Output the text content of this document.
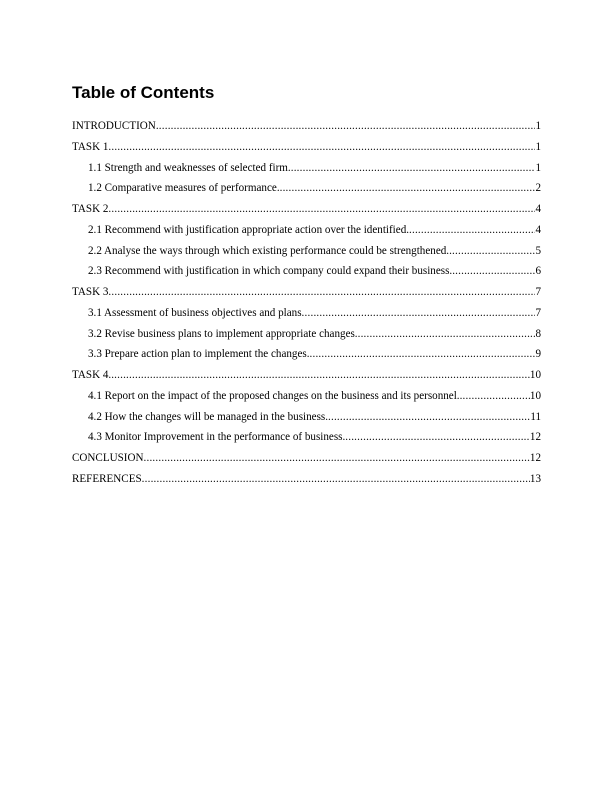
Table of Contents
INTRODUCTION .....	1
TASK 1 .....	1
1.1 Strength and weaknesses of selected firm. .....	1
1.2 Comparative measures of performance. .....	2
TASK 2 .....	4
2.1 Recommend with justification appropriate action over the identified. .....	4
2.2 Analyse the ways through which existing performance could be strengthened. .....	5
2.3 Recommend with justification in which company could expand their business. .....	6
TASK 3 .....	7
3.1 Assessment of business objectives and plans .....	7
3.2 Revise business plans to implement appropriate changes. .....	8
3.3 Prepare action plan to implement the changes. .....	9
TASK 4. .....	10
4.1 Report on the impact of the proposed changes on the business and its personnel. .....	10
4.2 How the changes will be managed in the business. .....	11
4.3 Monitor Improvement in the performance of business. .....	12
CONCLUSION .....	12
REFERENCES .....	13
